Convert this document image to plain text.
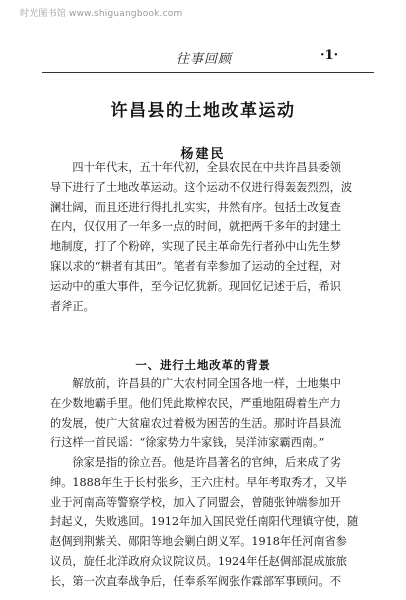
时光图书馆 www.shiguangbook.com
往事回顾	·1·
许昌县的土地改革运动
杨建民
　　四十年代末，五十年代初，全县农民在中共许昌县委领
导下进行了土地改革运动。这个运动不仅进行得轰轰烈烈，波
澜壮阔，而且还进行得扎扎实实，井然有序。包括土改复查
在内，仅仅用了一年多一点的时间，就把两千多年的封建土
地制度，打了个粉碎，实现了民主革命先行者孙中山先生梦
寐以求的“耕者有其田”。笔者有幸参加了运动的全过程，对
运动中的重大事件，至今记忆犹新。现回忆记述于后，希识
者斧正。
一、进行土地改革的背景
　　解放前，许昌县的广大农村同全国各地一样，土地集中
在少数地霸手里。他们凭此欺榨农民，严重地阻碍着生产力
的发展，使广大贫雇农过着极为困苦的生活。那时许昌县流
行这样一首民谣：“徐家势力牛家钱，吴洋沛家霸西南。”
　　徐家是指的徐立吾。他是许昌著名的官绅，后来成了劣
绅。1888年生于长村张乡，王六庄村。早年考取秀才，又毕
业于河南高等警察学校，加入了同盟会，曾随张钟端参加开
封起义，失败逃回。1912年加入国民党任南阳代理镇守使，随
赵倜到荆紫关、郧阳等地会剿白朗义军。1918年任河南省参
议员，旋任北洋政府众议院议员。1924年任赵倜部混成旅旅
长，第一次直奉战争后，任奉系军阀张作霖部军事顾问。不
